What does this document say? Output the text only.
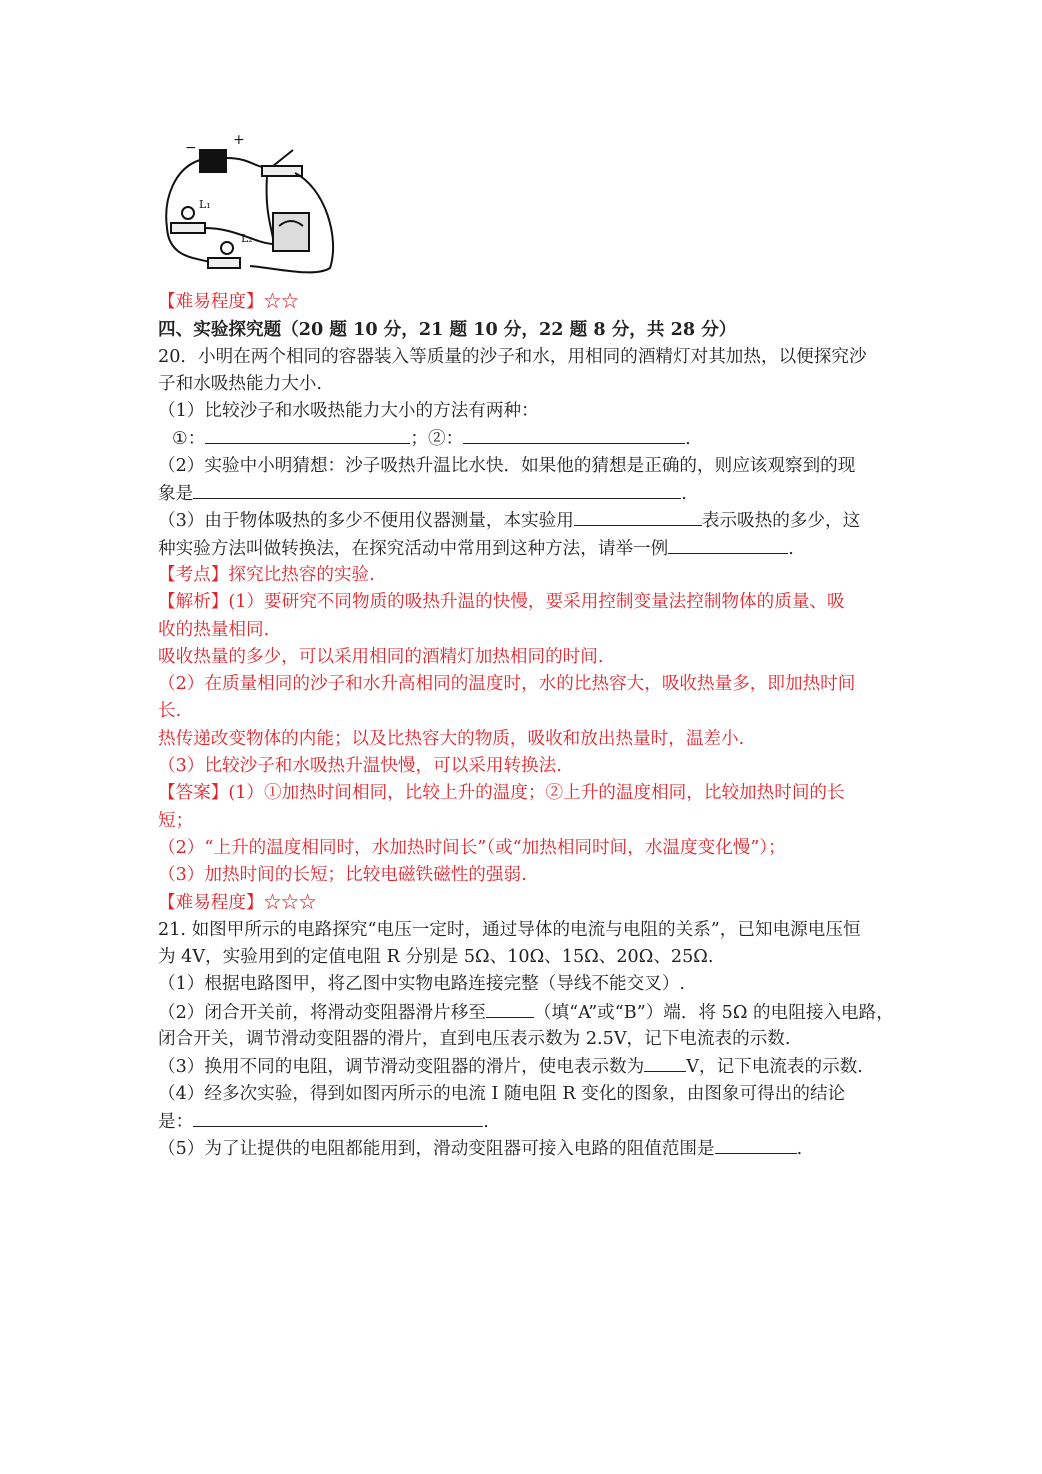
+
−
L₁
L₂
【难易程度】☆☆
四、实验探究题（20 题 10 分，21 题 10 分，22 题 8 分，共 28 分）
20．小明在两个相同的容器装入等质量的沙子和水，用相同的酒精灯对其加热，以便探究沙
子和水吸热能力大小.
（1）比较沙子和水吸热能力大小的方法有两种：
①：	；②：	.
（2）实验中小明猜想：沙子吸热升温比水快．如果他的猜想是正确的，则应该观察到的现
象是	.
（3）由于物体吸热的多少不便用仪器测量，本实验用	表示吸热的多少，这
种实验方法叫做转换法，在探究活动中常用到这种方法，请举一例	.
【考点】探究比热容的实验.
【解析】(1）要研究不同物质的吸热升温的快慢，要采用控制变量法控制物体的质量、吸
收的热量相同.
吸收热量的多少，可以采用相同的酒精灯加热相同的时间.
（2）在质量相同的沙子和水升高相同的温度时，水的比热容大，吸收热量多，即加热时间
长.
热传递改变物体的内能；以及比热容大的物质，吸收和放出热量时，温差小.
（3）比较沙子和水吸热升温快慢，可以采用转换法.
【答案】(1）①加热时间相同，比较上升的温度；②上升的温度相同，比较加热时间的长
短；
（2）“上升的温度相同时，水加热时间长”（或“加热相同时间，水温度变化慢”）；
（3）加热时间的长短；比较电磁铁磁性的强弱.
【难易程度】☆☆☆
21. 如图甲所示的电路探究“电压一定时，通过导体的电流与电阻的关系”，已知电源电压恒
为 4V，实验用到的定值电阻 R 分别是 5Ω、10Ω、15Ω、20Ω、25Ω.
（1）根据电路图甲，将乙图中实物电路连接完整（导线不能交叉）.
（2）闭合开关前，将滑动变阻器滑片移至	（填“A”或“B”）端．将 5Ω 的电阻接入电路，
闭合开关，调节滑动变阻器的滑片，直到电压表示数为 2.5V，记下电流表的示数.
（3）换用不同的电阻，调节滑动变阻器的滑片，使电表示数为 V，记下电流表的示数.
（4）经多次实验，得到如图丙所示的电流 I 随电阻 R 变化的图象，由图象可得出的结论
是：	.
（5）为了让提供的电阻都能用到，滑动变阻器可接入电路的阻值范围是	.
